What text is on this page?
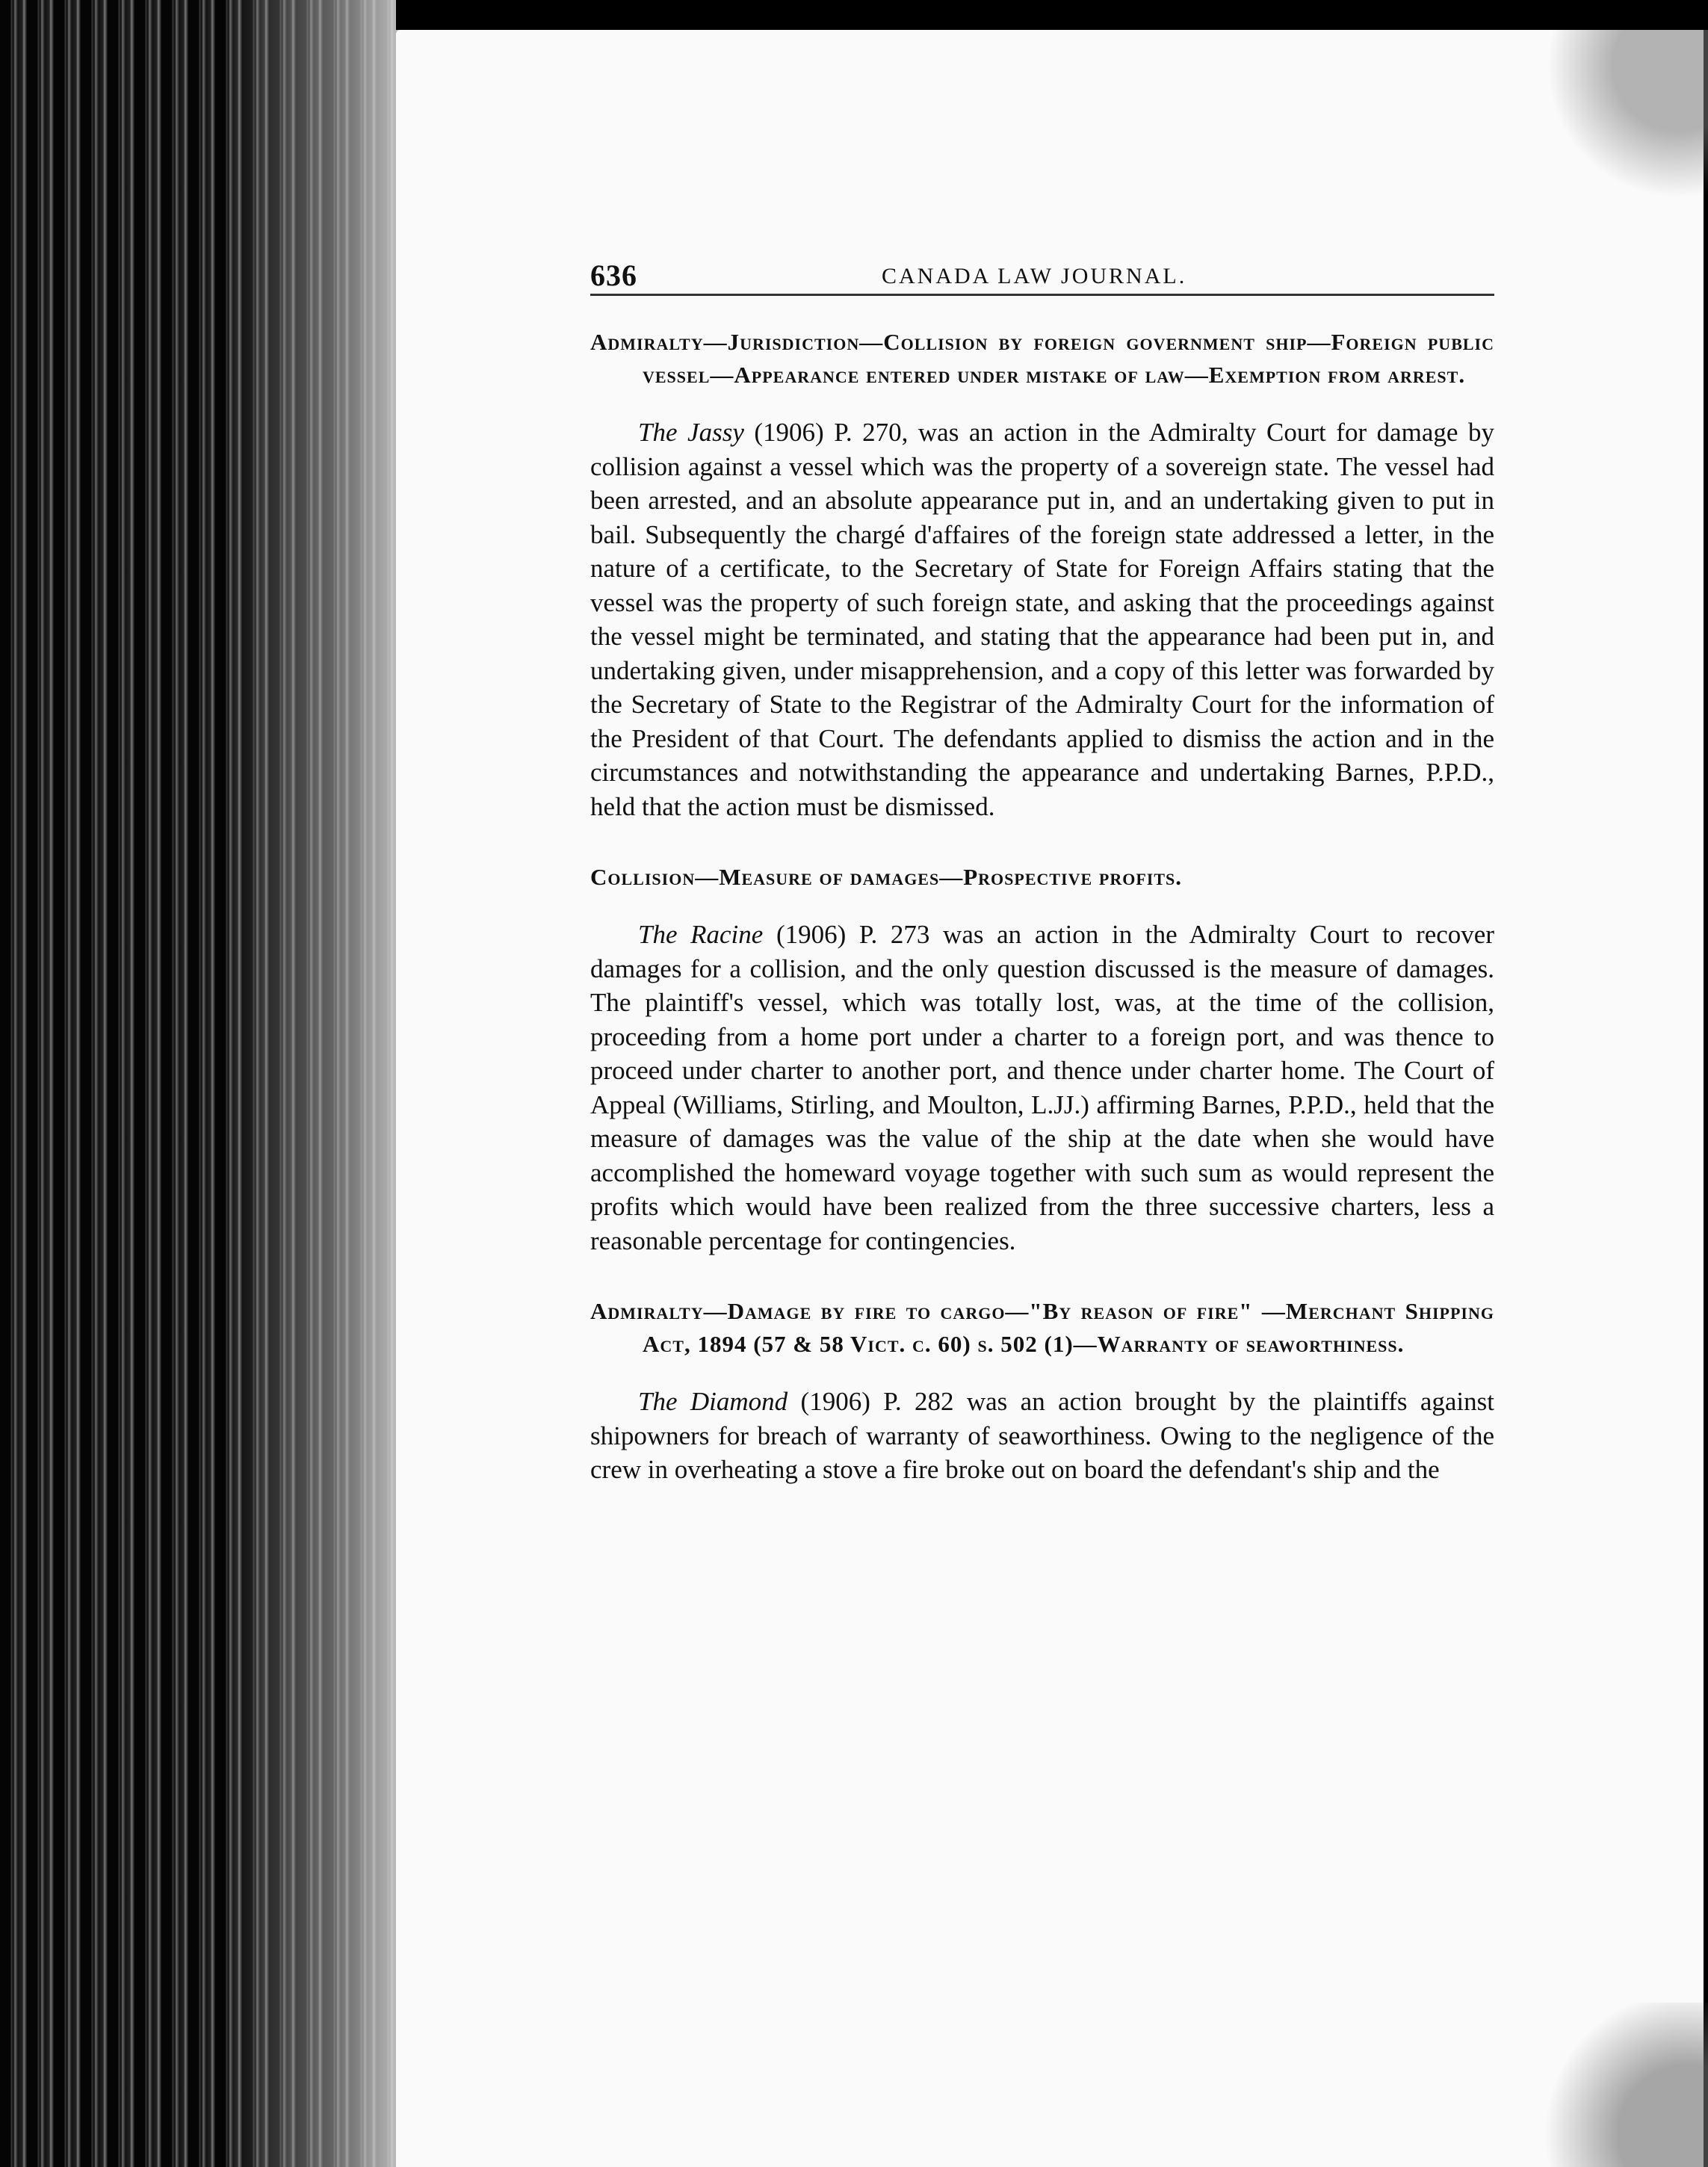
636	CANADA LAW JOURNAL.

Admiralty—Jurisdiction—Collision by foreign government ship—Foreign public vessel—Appearance entered under mistake of law—Exemption from arrest.

The Jassy (1906) P. 270, was an action in the Admiralty Court for damage by collision against a vessel which was the property of a sovereign state. The vessel had been arrested, and an absolute appearance put in, and an undertaking given to put in bail. Subsequently the chargé d'affaires of the foreign state addressed a letter, in the nature of a certificate, to the Secretary of State for Foreign Affairs stating that the vessel was the property of such foreign state, and asking that the proceedings against the vessel might be terminated, and stating that the appearance had been put in, and undertaking given, under misapprehension, and a copy of this letter was forwarded by the Secretary of State to the Registrar of the Admiralty Court for the information of the President of that Court. The defendants applied to dismiss the action and in the circumstances and notwithstanding the appearance and undertaking Barnes, P.P.D., held that the action must be dismissed.

Collision—Measure of damages—Prospective profits.

The Racine (1906) P. 273 was an action in the Admiralty Court to recover damages for a collision, and the only question discussed is the measure of damages. The plaintiff's vessel, which was totally lost, was, at the time of the collision, proceeding from a home port under a charter to a foreign port, and was thence to proceed under charter to another port, and thence under charter home. The Court of Appeal (Williams, Stirling, and Moulton, L.JJ.) affirming Barnes, P.P.D., held that the measure of damages was the value of the ship at the date when she would have accomplished the homeward voyage together with such sum as would represent the profits which would have been realized from the three successive charters, less a reasonable percentage for contingencies.

Admiralty—Damage by fire to cargo—"By reason of fire" —Merchant Shipping Act, 1894 (57 & 58 Vict. c. 60) s. 502 (1)—Warranty of seaworthiness.

The Diamond (1906) P. 282 was an action brought by the plaintiffs against shipowners for breach of warranty of seaworthiness. Owing to the negligence of the crew in overheating a stove a fire broke out on board the defendant's ship and the
